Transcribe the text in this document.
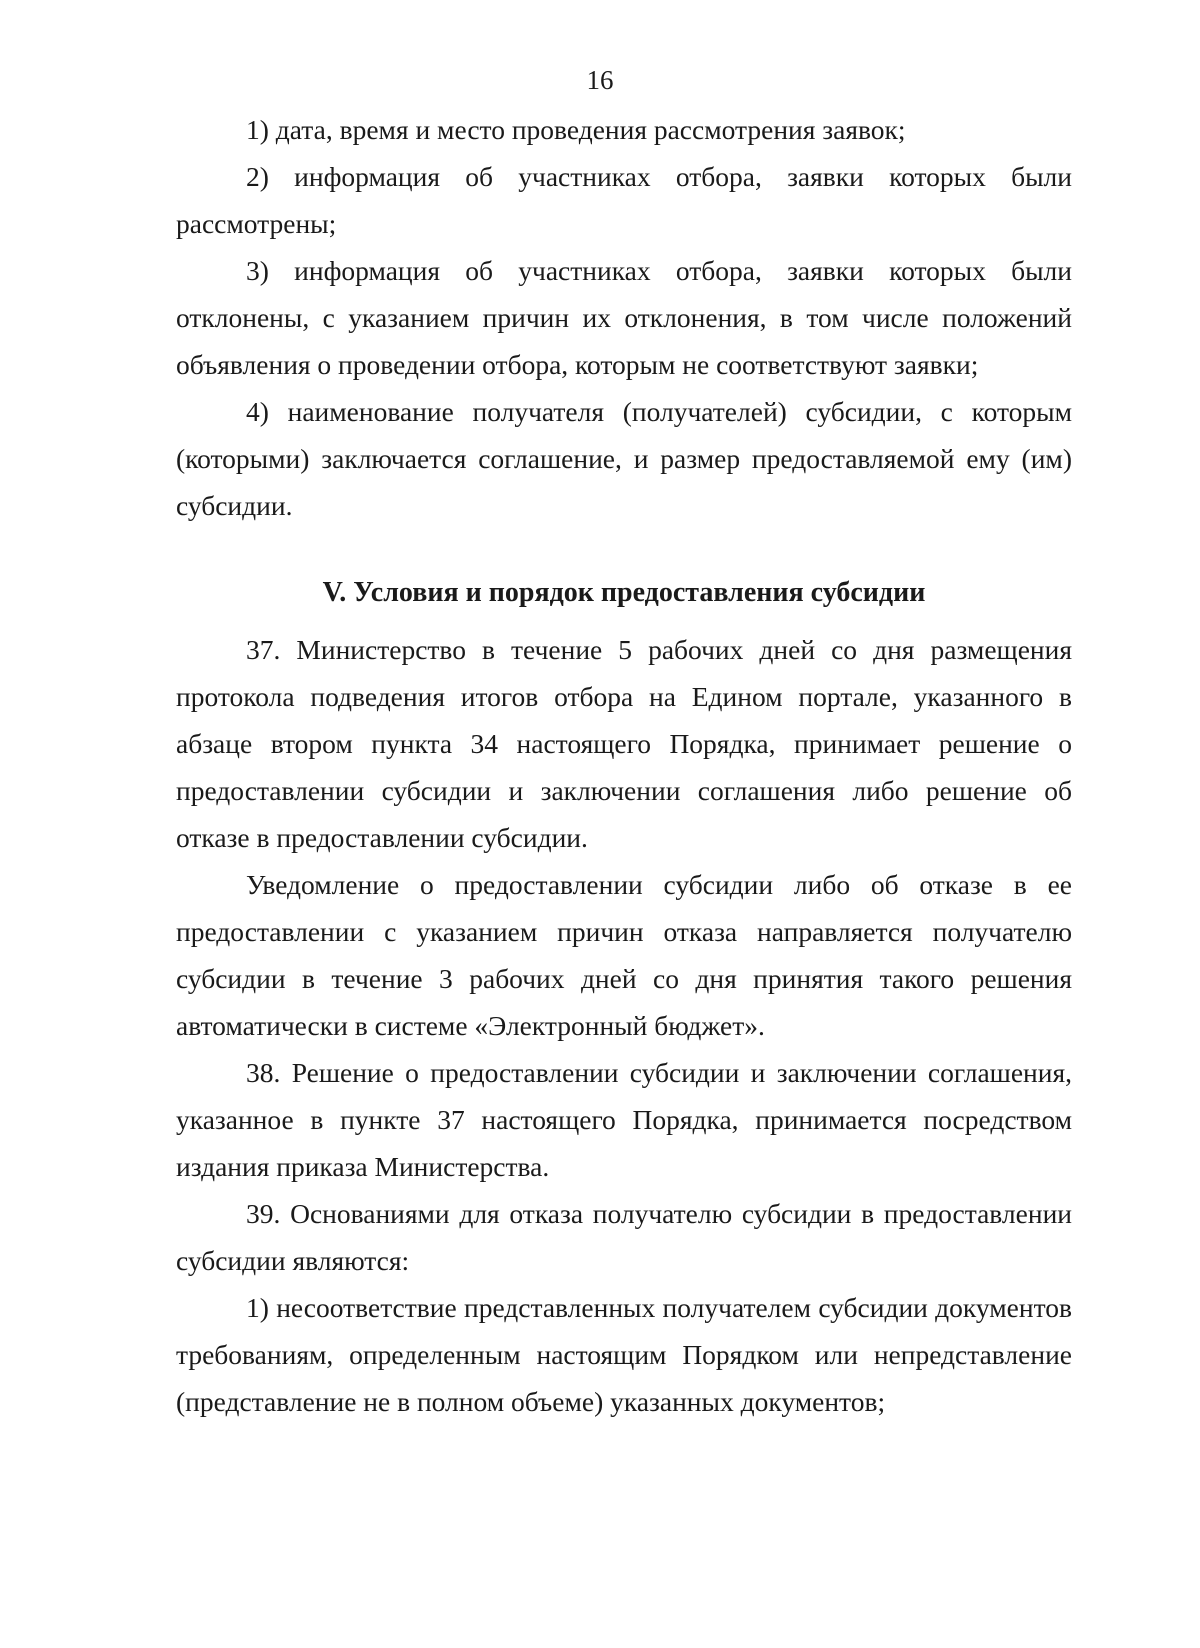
16

1) дата, время и место проведения рассмотрения заявок;

2) информация об участниках отбора, заявки которых были рассмотрены;

3) информация об участниках отбора, заявки которых были отклонены, с указанием причин их отклонения, в том числе положений объявления о проведении отбора, которым не соответствуют заявки;

4) наименование получателя (получателей) субсидии, с которым (которыми) заключается соглашение, и размер предоставляемой ему (им) субсидии.

V. Условия и порядок предоставления субсидии

37. Министерство в течение 5 рабочих дней со дня размещения протокола подведения итогов отбора на Едином портале, указанного в абзаце втором пункта 34 настоящего Порядка, принимает решение о предоставлении субсидии и заключении соглашения либо решение об отказе в предоставлении субсидии.

Уведомление о предоставлении субсидии либо об отказе в ее предоставлении с указанием причин отказа направляется получателю субсидии в течение 3 рабочих дней со дня принятия такого решения автоматически в системе «Электронный бюджет».

38. Решение о предоставлении субсидии и заключении соглашения, указанное в пункте 37 настоящего Порядка, принимается посредством издания приказа Министерства.

39. Основаниями для отказа получателю субсидии в предоставлении субсидии являются:

1) несоответствие представленных получателем субсидии документов требованиям, определенным настоящим Порядком или непредставление (представление не в полном объеме) указанных документов;
